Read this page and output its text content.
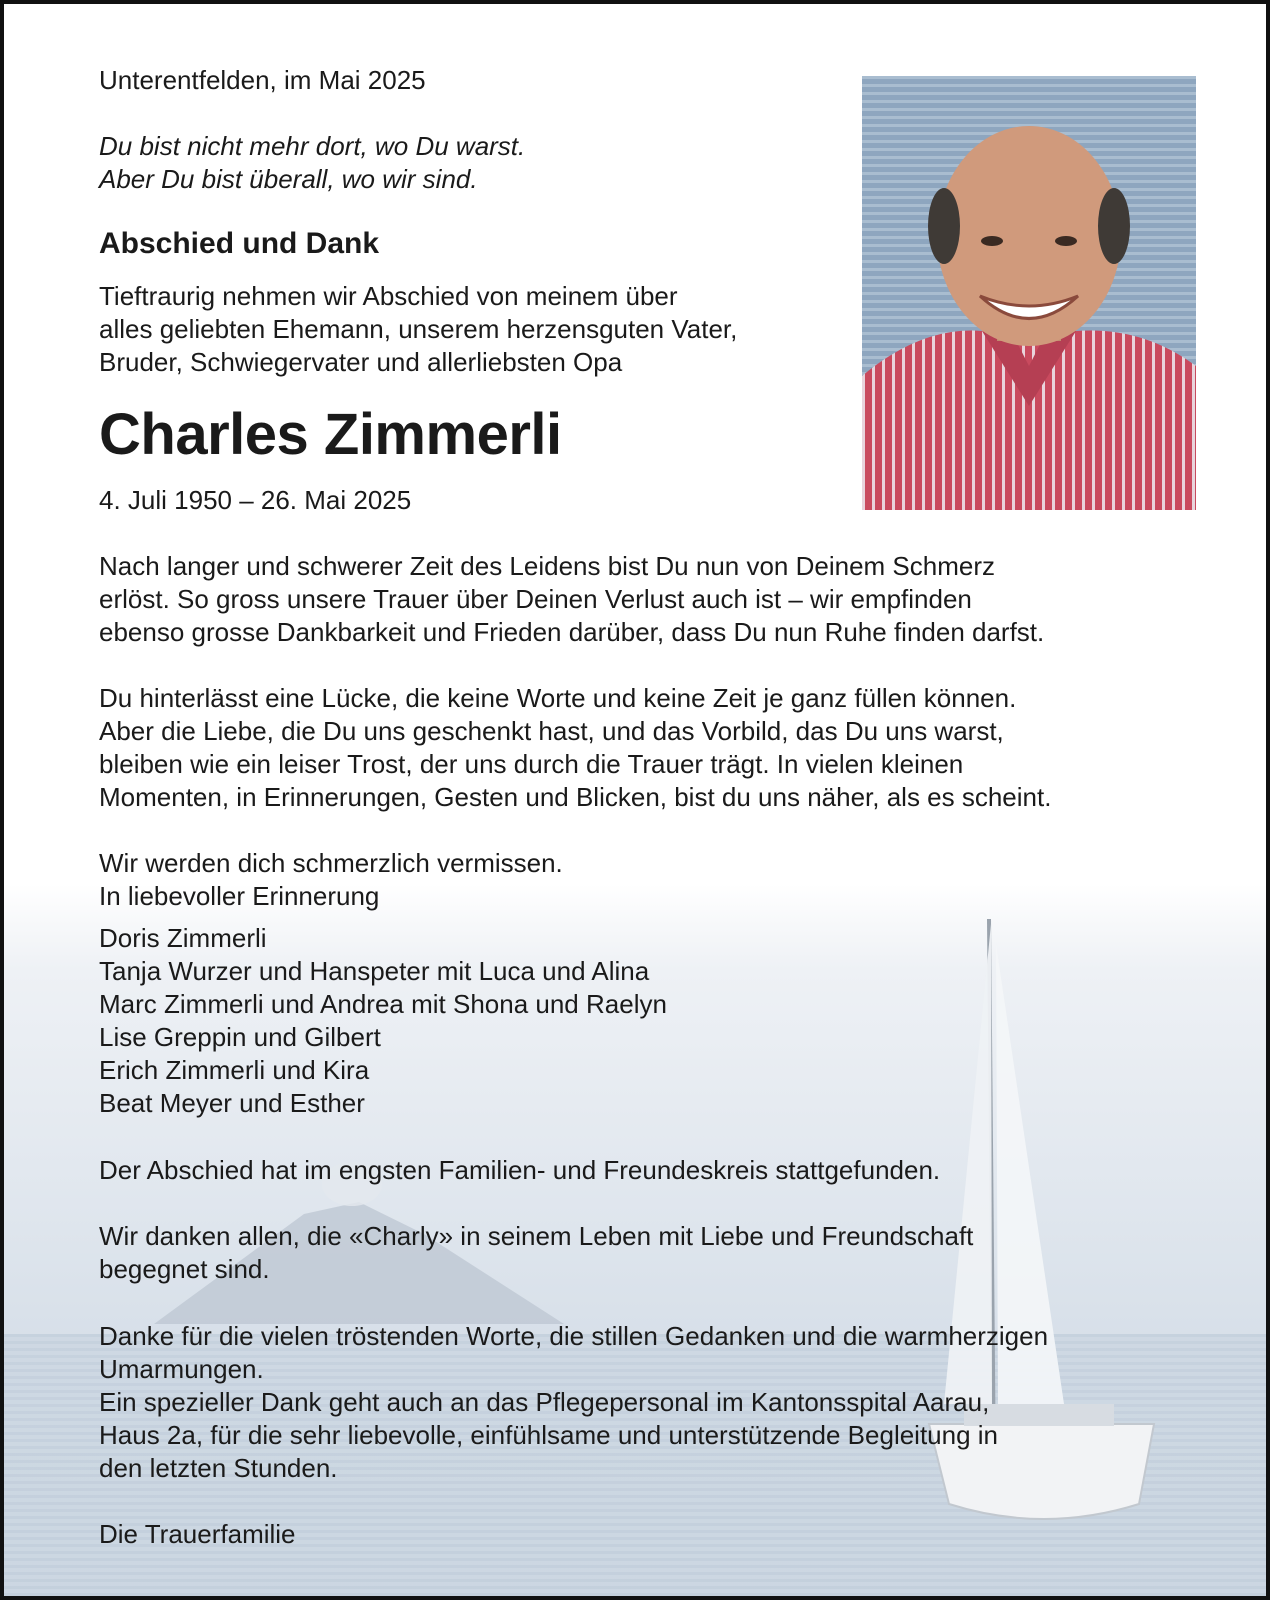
Unterentfelden, im Mai 2025

Du bist nicht mehr dort, wo Du warst.

Aber Du bist überall, wo wir sind.

Abschied und Dank

Tieftraurig nehmen wir Abschied von meinem über

alles geliebten Ehemann, unserem herzensguten Vater,

Bruder, Schwiegervater und allerliebsten Opa

Charles Zimmerli

4. Juli 1950 – 26. Mai 2025

Nach langer und schwerer Zeit des Leidens bist Du nun von Deinem Schmerz

erlöst. So gross unsere Trauer über Deinen Verlust auch ist – wir empfinden

ebenso grosse Dankbarkeit und Frieden darüber, dass Du nun Ruhe finden darfst.

Du hinterlässt eine Lücke, die keine Worte und keine Zeit je ganz füllen können.

Aber die Liebe, die Du uns geschenkt hast, und das Vorbild, das Du uns warst,

bleiben wie ein leiser Trost, der uns durch die Trauer trägt. In vielen kleinen

Momenten, in Erinnerungen, Gesten und Blicken, bist du uns näher, als es scheint.

Wir werden dich schmerzlich vermissen.

In liebevoller Erinnerung

Doris Zimmerli

Tanja Wurzer und Hanspeter mit Luca und Alina

Marc Zimmerli und Andrea mit Shona und Raelyn

Lise Greppin und Gilbert

Erich Zimmerli und Kira

Beat Meyer und Esther

Der Abschied hat im engsten Familien- und Freundeskreis stattgefunden.

Wir danken allen, die «Charly» in seinem Leben mit Liebe und Freundschaft

begegnet sind.

Danke für die vielen tröstenden Worte, die stillen Gedanken und die warmherzigen

Umarmungen.

Ein spezieller Dank geht auch an das Pflegepersonal im Kantonsspital Aarau,

Haus 2a, für die sehr liebevolle, einfühlsame und unterstützende Begleitung in

den letzten Stunden.

Die Trauerfamilie
